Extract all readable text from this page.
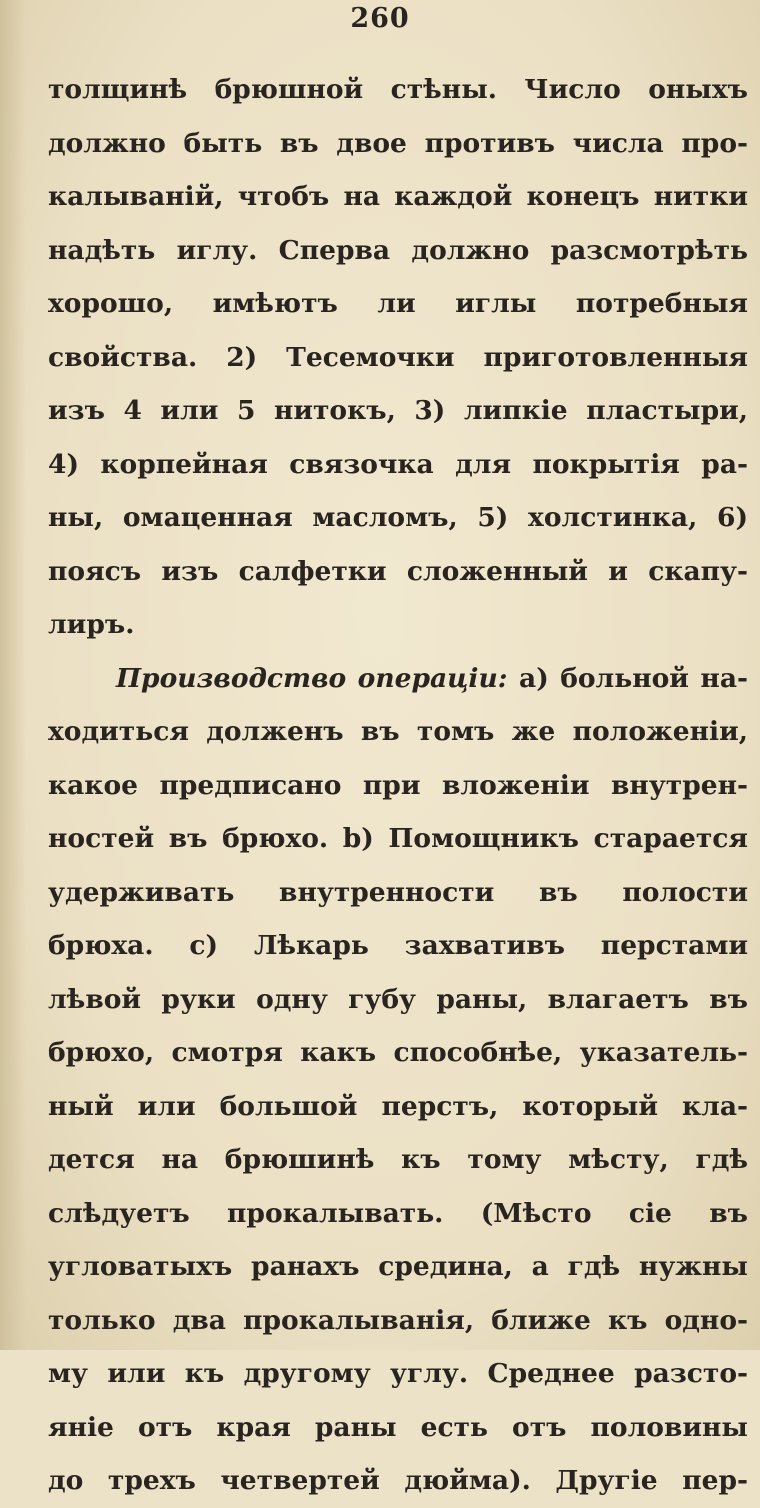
260
толщинѣ брюшной стѣны. Число оныхъ
должно быть въ двое противъ числа про-
калываній, чтобъ на каждой конецъ нитки
надѣть иглу. Сперва должно разсмотрѣть
хорошо, имѣютъ ли иглы потребныя
свойства. 2) Тесемочки приготовленныя
изъ 4 или 5 нитокъ, 3) липкіе пластыри,
4) корпейная связочка для покрытія ра-
ны, омаценная масломъ, 5) холстинка, 6)
поясъ изъ салфетки сложенный и скапу-
лиръ.
Производство операціи: а) больной на-
ходиться долженъ въ томъ же положеніи,
какое предписано при вложеніи внутрен-
ностей въ брюхо. b) Помощникъ старается
удерживать внутренности въ полости
брюха. c) Лѣкарь захвативъ перстами
лѣвой руки одну губу раны, влагаетъ въ
брюхо, смотря какъ способнѣе, указатель-
ный или большой перстъ, который кла-
дется на брюшинѣ къ тому мѣсту, гдѣ
слѣдуетъ прокалывать. (Мѣсто сіе въ
угловатыхъ ранахъ средина, а гдѣ нужны
только два прокалыванія, ближе къ одно-
му или къ другому углу. Среднее разсто-
яніе отъ края раны есть отъ половины
до трехъ четвертей дюйма). Другіе пер-
